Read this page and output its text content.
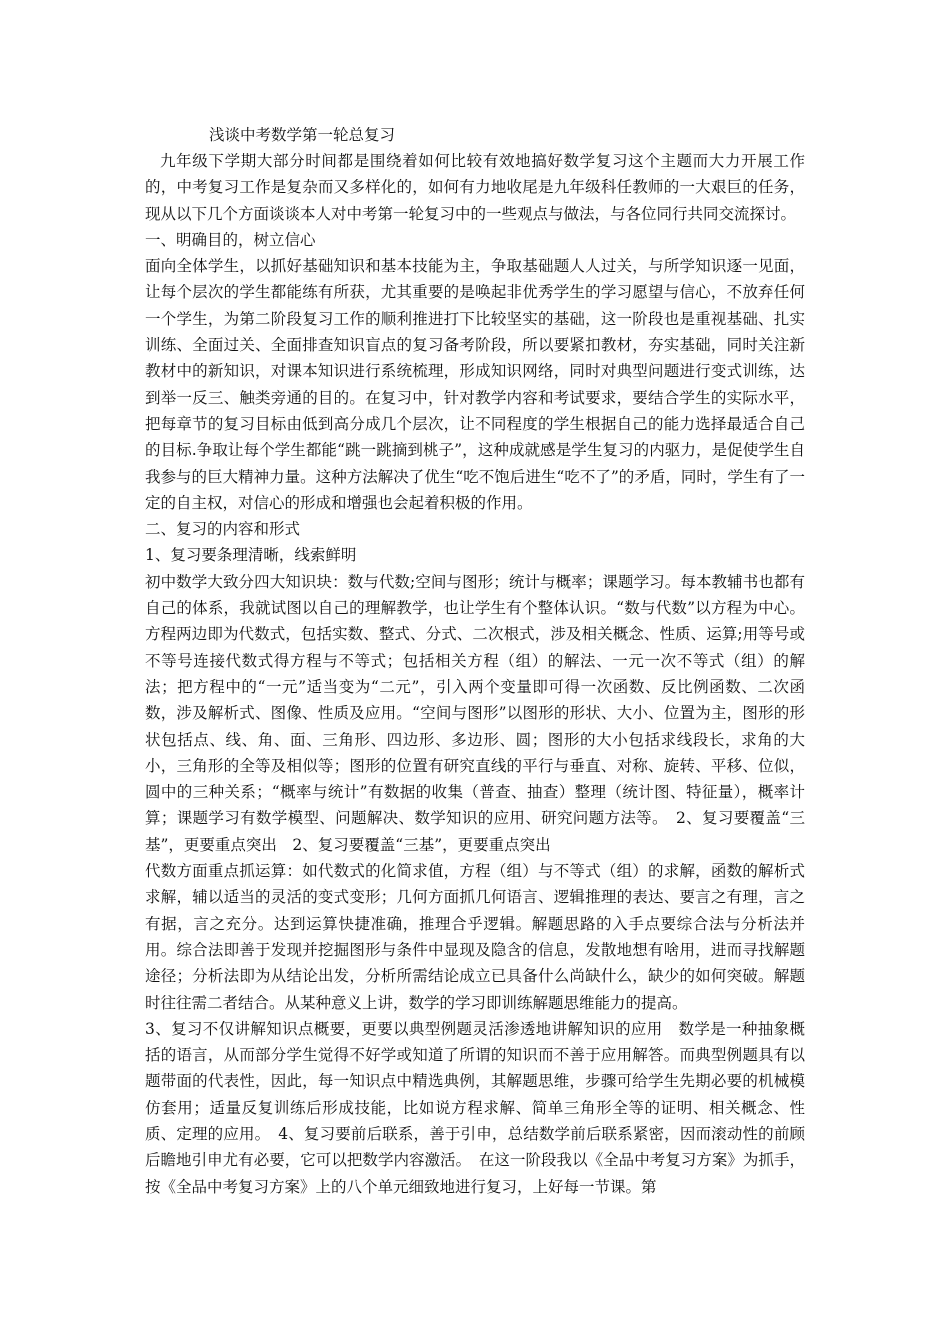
浅谈中考数学第一轮总复习

九年级下学期大部分时间都是围绕着如何比较有效地搞好数学复习这个主题而大力开展工作的，中考复习工作是复杂而又多样化的，如何有力地收尾是九年级科任教师的一大艰巨的任务，现从以下几个方面谈谈本人对中考第一轮复习中的一些观点与做法，与各位同行共同交流探讨。

一、明确目的，树立信心

面向全体学生，以抓好基础知识和基本技能为主，争取基础题人人过关，与所学知识逐一见面，让每个层次的学生都能练有所获，尤其重要的是唤起非优秀学生的学习愿望与信心，不放弃任何一个学生，为第二阶段复习工作的顺利推进打下比较坚实的基础，这一阶段也是重视基础、扎实训练、全面过关、全面排查知识盲点的复习备考阶段，所以要紧扣教材，夯实基础，同时关注新教材中的新知识，对课本知识进行系统梳理，形成知识网络，同时对典型问题进行变式训练，达到举一反三、触类旁通的目的。在复习中，针对教学内容和考试要求，要结合学生的实际水平，把每章节的复习目标由低到高分成几个层次，让不同程度的学生根据自己的能力选择最适合自己的目标.争取让每个学生都能“跳一跳摘到桃子”，这种成就感是学生复习的内驱力，是促使学生自我参与的巨大精神力量。这种方法解决了优生“吃不饱后进生“吃不了”的矛盾，同时，学生有了一定的自主权，对信心的形成和增强也会起着积极的作用。

二、复习的内容和形式

1、复习要条理清晰，线索鲜明

初中数学大致分四大知识块：数与代数;空间与图形；统计与概率；课题学习。每本教辅书也都有自己的体系，我就试图以自己的理解教学，也让学生有个整体认识。“数与代数”以方程为中心。方程两边即为代数式，包括实数、整式、分式、二次根式，涉及相关概念、性质、运算;用等号或不等号连接代数式得方程与不等式；包括相关方程（组）的解法、一元一次不等式（组）的解法；把方程中的“一元”适当变为“二元”，引入两个变量即可得一次函数、反比例函数、二次函数，涉及解析式、图像、性质及应用。“空间与图形”以图形的形状、大小、位置为主，图形的形状包括点、线、角、面、三角形、四边形、多边形、圆；图形的大小包括求线段长，求角的大小，三角形的全等及相似等；图形的位置有研究直线的平行与垂直、对称、旋转、平移、位似，圆中的三种关系；“概率与统计”有数据的收集（普查、抽查）整理（统计图、特征量），概率计算；课题学习有数学模型、问题解决、数学知识的应用、研究问题方法等。　2、复习要覆盖“三基”，更要重点突出　2、复习要覆盖“三基”，更要重点突出

代数方面重点抓运算：如代数式的化简求值，方程（组）与不等式（组）的求解，函数的解析式求解，辅以适当的灵活的变式变形；几何方面抓几何语言、逻辑推理的表达、要言之有理，言之有据，言之充分。达到运算快捷准确，推理合乎逻辑。解题思路的入手点要综合法与分析法并用。综合法即善于发现并挖掘图形与条件中显现及隐含的信息，发散地想有啥用，进而寻找解题途径；分析法即为从结论出发，分析所需结论成立已具备什么尚缺什么，缺少的如何突破。解题时往往需二者结合。从某种意义上讲，数学的学习即训练解题思维能力的提高。

3、复习不仅讲解知识点概要，更要以典型例题灵活渗透地讲解知识的应用　数学是一种抽象概括的语言，从而部分学生觉得不好学或知道了所谓的知识而不善于应用解答。而典型例题具有以题带面的代表性，因此，每一知识点中精选典例，其解题思维，步骤可给学生先期必要的机械模仿套用；适量反复训练后形成技能，比如说方程求解、简单三角形全等的证明、相关概念、性质、定理的应用。　4、复习要前后联系，善于引申，总结数学前后联系紧密，因而滚动性的前顾后瞻地引申尤有必要，它可以把数学内容激活。　在这一阶段我以《全品中考复习方案》为抓手，按《全品中考复习方案》上的八个单元细致地进行复习，上好每一节课。第
